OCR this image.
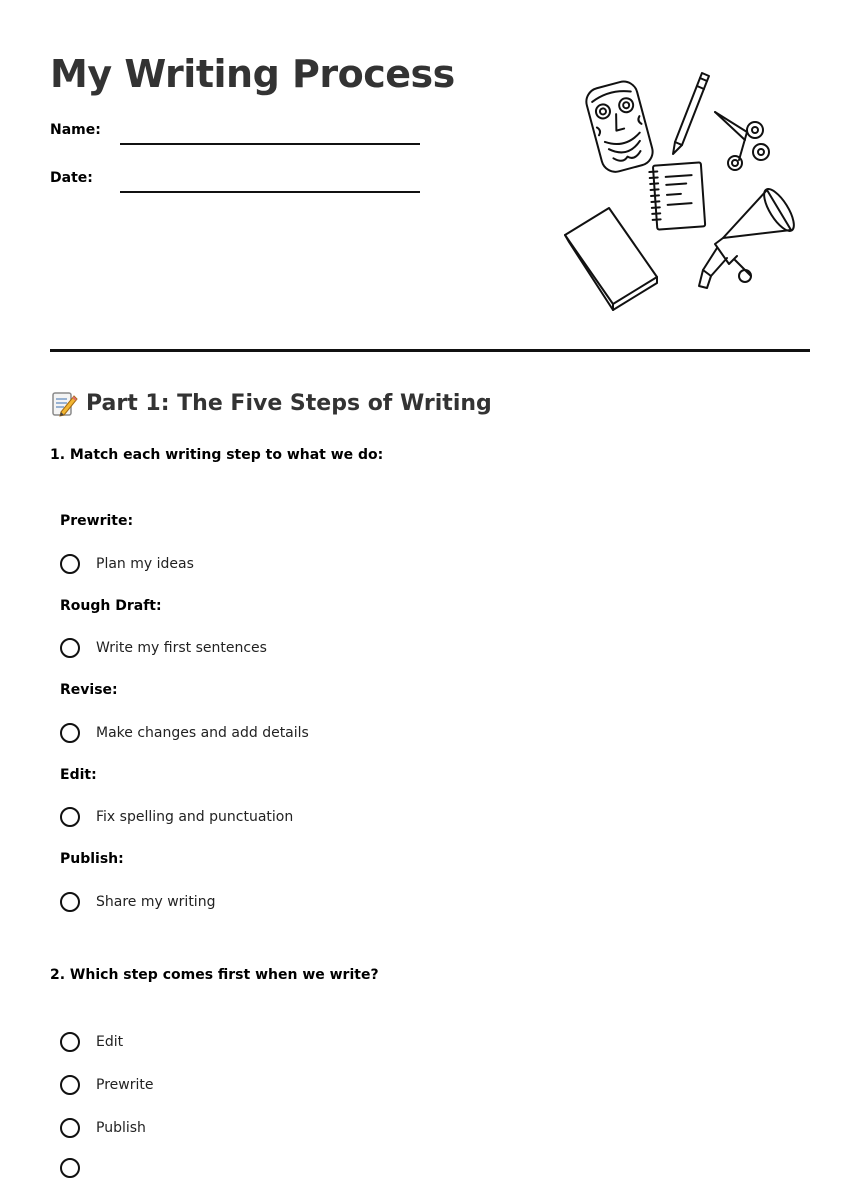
My Writing Process
Name:
Date:
Part 1: The Five Steps of Writing

1. Match each writing step to what we do:

Prewrite:
Plan my ideas
Rough Draft:
Write my first sentences
Revise:
Make changes and add details
Edit:
Fix spelling and punctuation
Publish:
Share my writing

2. Which step comes first when we write?

Edit
Prewrite
Publish
